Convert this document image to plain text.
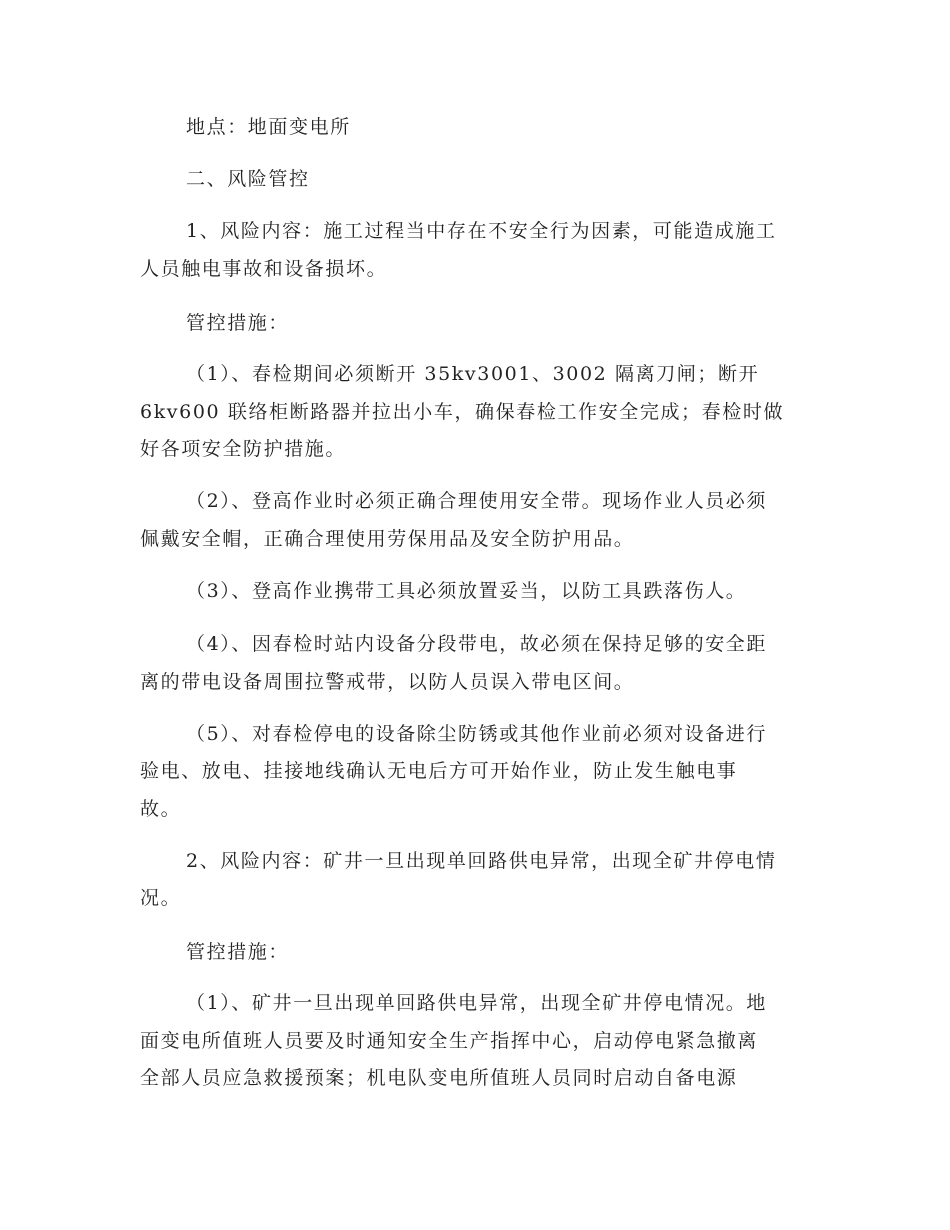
地点：地面变电所
二、风险管控
1、风险内容：施工过程当中存在不安全行为因素，可能造成施工
人员触电事故和设备损坏。
管控措施：
（1）、春检期间必须断开 35kv3001、3002 隔离刀闸；断开
6kv600 联络柜断路器并拉出小车，确保春检工作安全完成；春检时做
好各项安全防护措施。
（2）、登高作业时必须正确合理使用安全带。现场作业人员必须
佩戴安全帽，正确合理使用劳保用品及安全防护用品。
（3）、登高作业携带工具必须放置妥当，以防工具跌落伤人。
（4）、因春检时站内设备分段带电，故必须在保持足够的安全距
离的带电设备周围拉警戒带，以防人员误入带电区间。
（5）、对春检停电的设备除尘防锈或其他作业前必须对设备进行
验电、放电、挂接地线确认无电后方可开始作业，防止发生触电事
故。
2、风险内容：矿井一旦出现单回路供电异常，出现全矿井停电情
况。
管控措施：
（1）、矿井一旦出现单回路供电异常，出现全矿井停电情况。地
面变电所值班人员要及时通知安全生产指挥中心，启动停电紧急撤离
全部人员应急救援预案；机电队变电所值班人员同时启动自备电源
